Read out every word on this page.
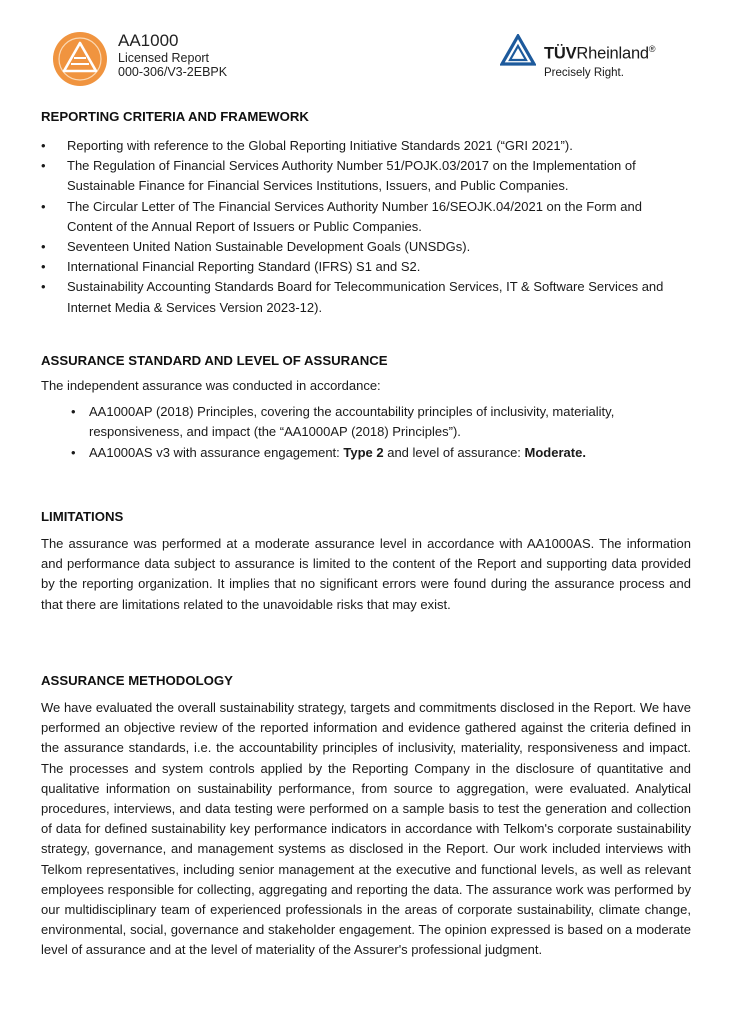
AA1000
Licensed Report
000-306/V3-2EBPK
TÜVRheinland®
Precisely Right.
REPORTING CRITERIA AND FRAMEWORK
• Reporting with reference to the Global Reporting Initiative Standards 2021 (“GRI 2021”).
• The Regulation of Financial Services Authority Number 51/POJK.03/2017 on the Implementation of Sustainable Finance for Financial Services Institutions, Issuers, and Public Companies.
• The Circular Letter of The Financial Services Authority Number 16/SEOJK.04/2021 on the Form and Content of the Annual Report of Issuers or Public Companies.
• Seventeen United Nation Sustainable Development Goals (UNSDGs).
• International Financial Reporting Standard (IFRS) S1 and S2.
• Sustainability Accounting Standards Board for Telecommunication Services, IT & Software Services and Internet Media & Services Version 2023-12).
ASSURANCE STANDARD AND LEVEL OF ASSURANCE

The independent assurance was conducted in accordance:

• AA1000AP (2018) Principles, covering the accountability principles of inclusivity, materiality, responsiveness, and impact (the “AA1000AP (2018) Principles”).
• AA1000AS v3 with assurance engagement: Type 2 and level of assurance: Moderate.
LIMITATIONS

The assurance was performed at a moderate assurance level in accordance with AA1000AS. The information and performance data subject to assurance is limited to the content of the Report and supporting data provided by the reporting organization. It implies that no significant errors were found during the assurance process and that there are limitations related to the unavoidable risks that may exist.

ASSURANCE METHODOLOGY

We have evaluated the overall sustainability strategy, targets and commitments disclosed in the Report. We have performed an objective review of the reported information and evidence gathered against the criteria defined in the assurance standards, i.e. the accountability principles of inclusivity, materiality, responsiveness and impact. The processes and system controls applied by the Reporting Company in the disclosure of quantitative and qualitative information on sustainability performance, from source to aggregation, were evaluated. Analytical procedures, interviews, and data testing were performed on a sample basis to test the generation and collection of data for defined sustainability key performance indicators in accordance with Telkom's corporate sustainability strategy, governance, and management systems as disclosed in the Report. Our work included interviews with Telkom representatives, including senior management at the executive and functional levels, as well as relevant employees responsible for collecting, aggregating and reporting the data. The assurance work was performed by our multidisciplinary team of experienced professionals in the areas of corporate sustainability, climate change, environmental, social, governance and stakeholder engagement. The opinion expressed is based on a moderate level of assurance and at the level of materiality of the Assurer's professional judgment.
